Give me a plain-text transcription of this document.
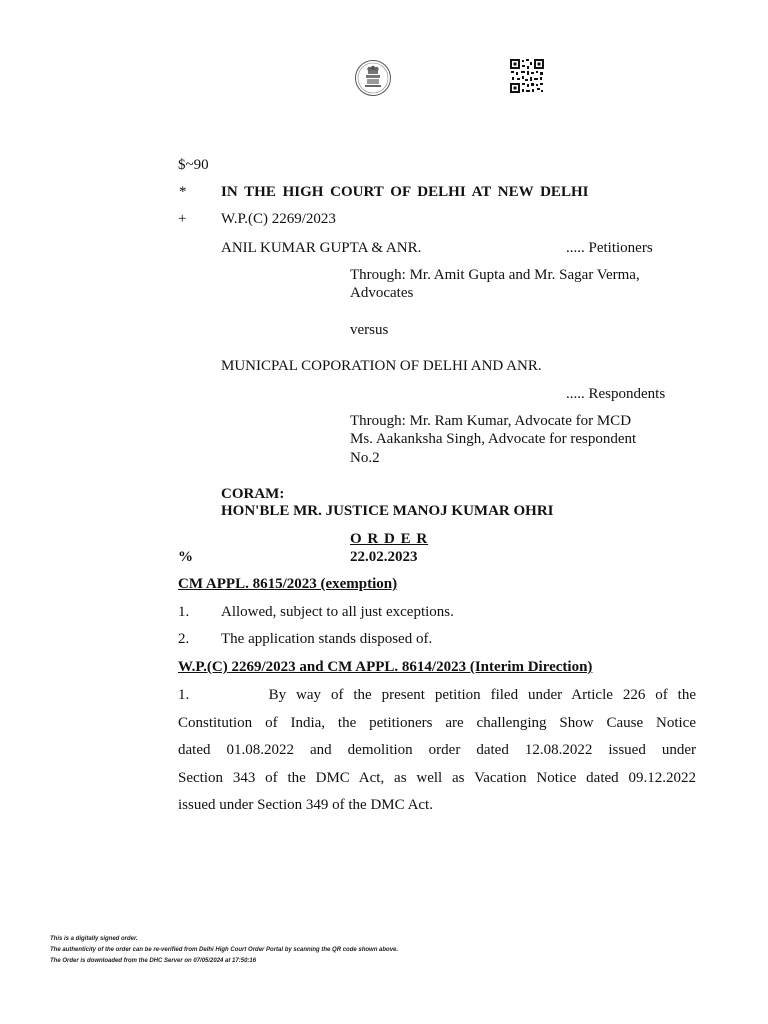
$~90
* IN THE HIGH COURT OF DELHI AT NEW DELHI
+ W.P.(C) 2269/2023
ANIL KUMAR GUPTA & ANR.	..... Petitioners
Through: Mr. Amit Gupta and Mr. Sagar Verma,
Advocates
versus
MUNICPAL COPORATION OF DELHI AND ANR.
..... Respondents
Through: Mr. Ram Kumar, Advocate for MCD
Ms. Aakanksha Singh, Advocate for respondent
No.2
CORAM:
HON'BLE MR. JUSTICE MANOJ KUMAR OHRI
O R D E R
%	22.02.2023
CM APPL. 8615/2023 (exemption)
1. Allowed, subject to all just exceptions.
2. The application stands disposed of.
W.P.(C) 2269/2023 and CM APPL. 8614/2023 (Interim Direction)
1.        By way of the present petition filed under Article 226 of the
Constitution of India, the petitioners are challenging Show Cause Notice
dated 01.08.2022 and demolition order dated 12.08.2022 issued under
Section 343 of the DMC Act, as well as Vacation Notice dated 09.12.2022
issued under Section 349 of the DMC Act.
This is a digitally signed order.
The authenticity of the order can be re-verified from Delhi High Court Order Portal by scanning the QR code shown above.
The Order is downloaded from the DHC Server on 07/05/2024 at 17:50:16
